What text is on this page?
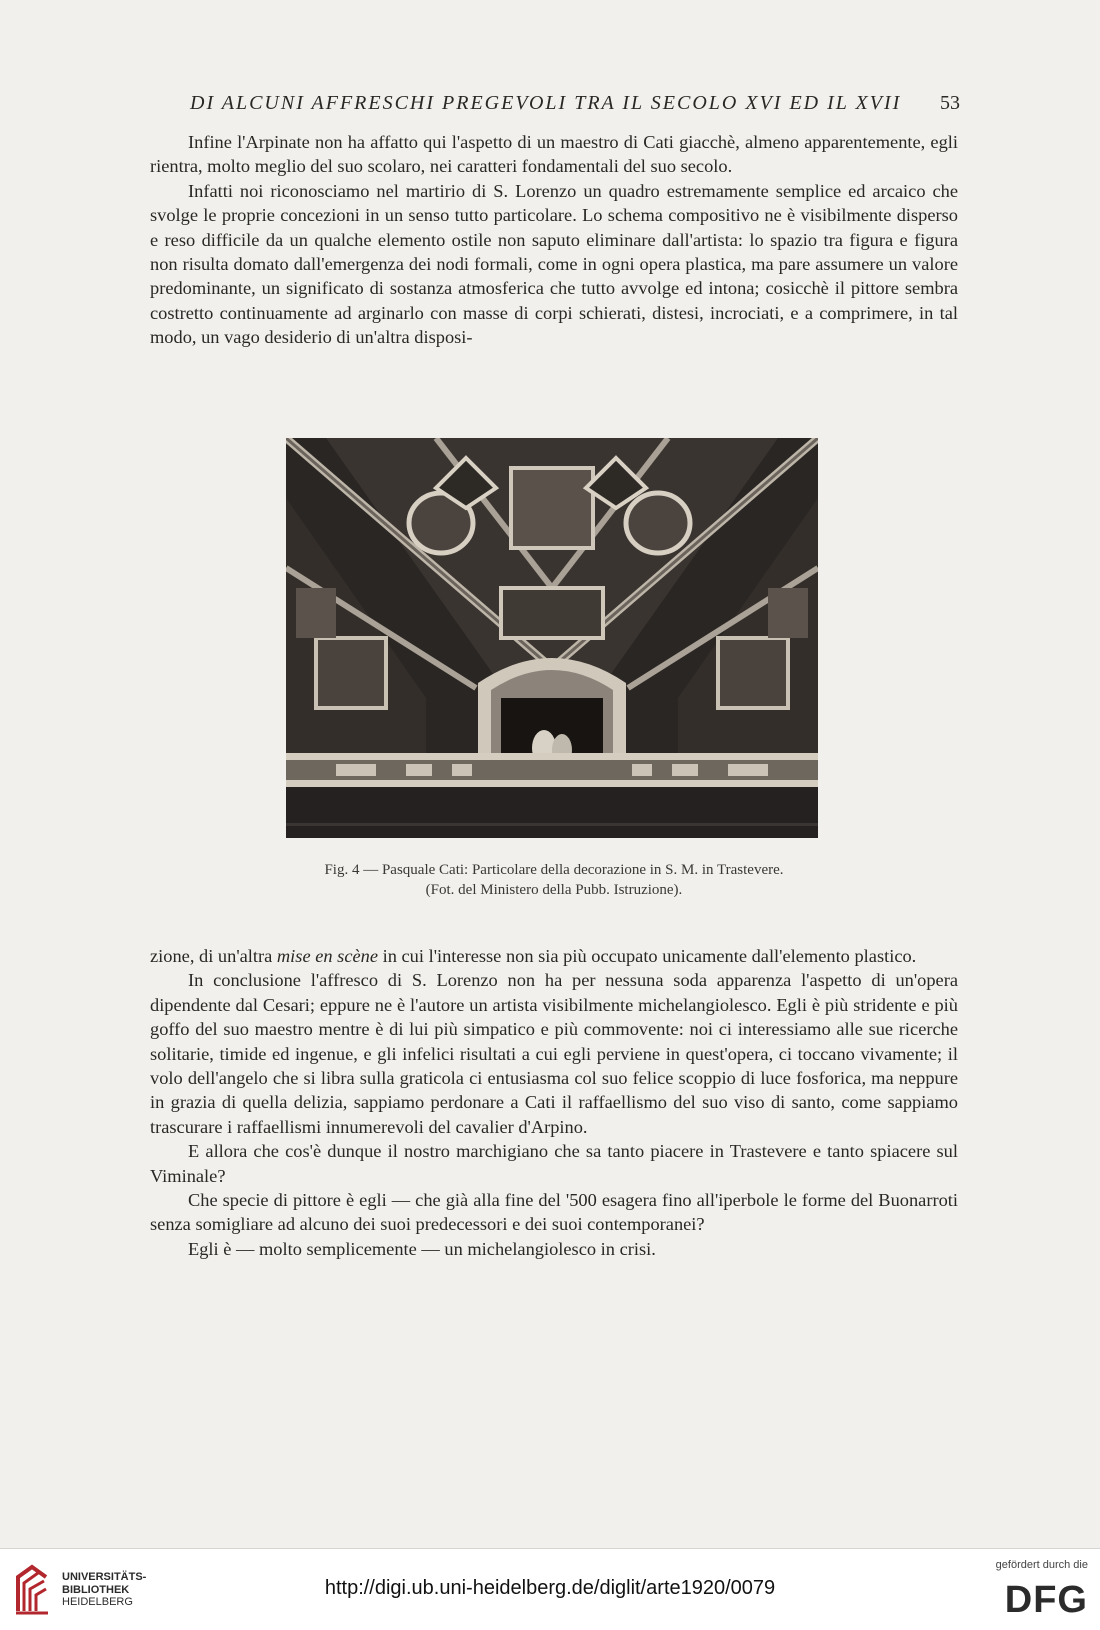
DI ALCUNI AFFRESCHI PREGEVOLI TRA IL SECOLO XVI ED IL XVII	53

Infine l'Arpinate non ha affatto qui l'aspetto di un maestro di Cati giacchè, almeno apparentemente, egli rientra, molto meglio del suo scolaro, nei caratteri fondamentali del suo secolo.

Infatti noi riconosciamo nel martirio di S. Lorenzo un quadro estremamente semplice ed arcaico che svolge le proprie concezioni in un senso tutto particolare. Lo schema compositivo ne è visibilmente disperso e reso difficile da un qualche elemento ostile non saputo eliminare dall'artista: lo spazio tra figura e figura non risulta domato dall'emergenza dei nodi formali, come in ogni opera plastica, ma pare assumere un valore predominante, un significato di sostanza atmosferica che tutto avvolge ed intona; cosicchè il pittore sembra costretto continuamente ad arginarlo con masse di corpi schierati, distesi, incrociati, e a comprimere, in tal modo, un vago desiderio di un'altra disposi-

Fig. 4 — Pasquale Cati: Particolare della decorazione in S. M. in Trastevere.
(Fot. del Ministero della Pubb. Istruzione).

zione, di un'altra mise en scène in cui l'interesse non sia più occupato unicamente dall'elemento plastico.

In conclusione l'affresco di S. Lorenzo non ha per nessuna soda apparenza l'aspetto di un'opera dipendente dal Cesari; eppure ne è l'autore un artista visibilmente michelangiolesco. Egli è più stridente e più goffo del suo maestro mentre è di lui più simpatico e più commovente: noi ci interessiamo alle sue ricerche solitarie, timide ed ingenue, e gli infelici risultati a cui egli perviene in quest'opera, ci toccano vivamente; il volo dell'angelo che si libra sulla graticola ci entusiasma col suo felice scoppio di luce fosforica, ma neppure in grazia di quella delizia, sappiamo perdonare a Cati il raffaellismo del suo viso di santo, come sappiamo trascurare i raffaellismi innumerevoli del cavalier d'Arpino.

E allora che cos'è dunque il nostro marchigiano che sa tanto piacere in Trastevere e tanto spiacere sul Viminale?

Che specie di pittore è egli — che già alla fine del '500 esagera fino all'iperbole le forme del Buonarroti senza somigliare ad alcuno dei suoi predecessori e dei suoi contemporanei?

Egli è — molto semplicemente — un michelangiolesco in crisi.

UNIVERSITÄTS-
BIBLIOTHEK
HEIDELBERG
http://digi.ub.uni-heidelberg.de/diglit/arte1920/0079
gefördert durch die
DFG
